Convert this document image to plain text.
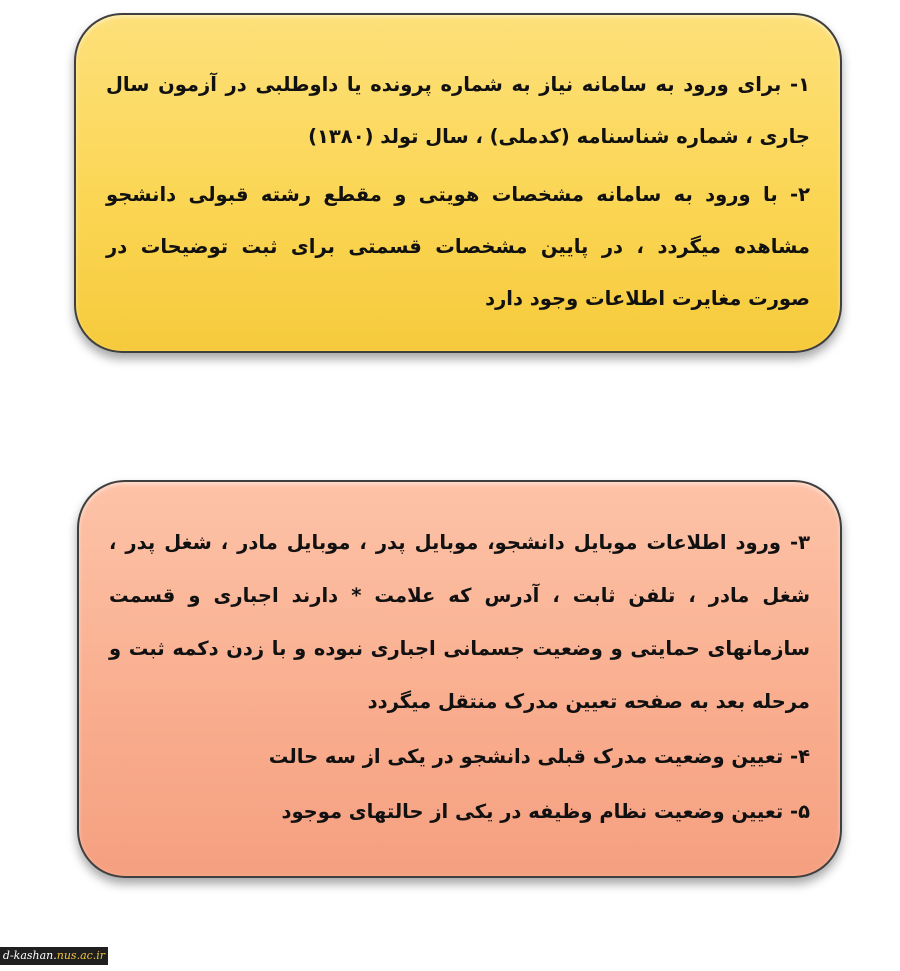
۱- برای ورود به سامانه نیاز به شماره پرونده یا داوطلبی در آزمون سال جاری ، شماره شناسنامه (کدملی) ، سال تولد (۱۳۸۰)

۲- با ورود به سامانه مشخصات هویتی و مقطع رشته قبولی دانشجو مشاهده میگردد ، در پایین مشخصات قسمتی برای ثبت توضیحات در صورت مغایرت اطلاعات وجود دارد

۳- ورود اطلاعات موبایل دانشجو، موبایل پدر ، موبایل مادر ، شغل پدر ، شغل مادر ، تلفن ثابت ، آدرس که علامت * دارند اجباری و قسمت سازمانهای حمایتی و وضعیت جسمانی اجباری نبوده و با زدن دکمه ثبت و مرحله بعد به صفحه تعیین مدرک منتقل میگردد

۴- تعیین وضعیت مدرک قبلی دانشجو در یکی از سه حالت

۵- تعیین وضعیت نظام وظیفه در یکی از حالتهای موجود

d-kashan.nus.ac.ir
